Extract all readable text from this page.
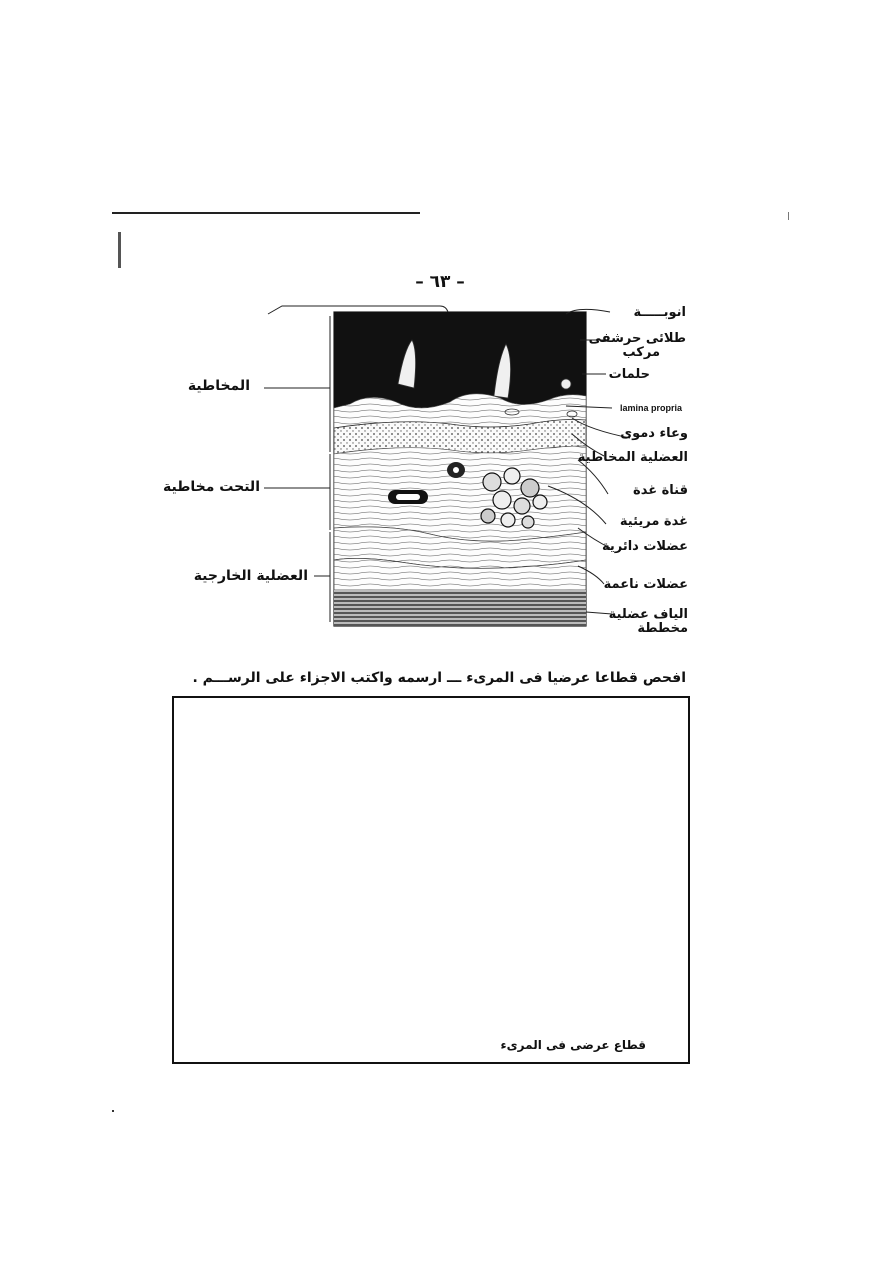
– ٦٣ –
انوبـــــة
طلائى حرشفى
مركب
حلمات
lamina propria
وعاء دموى
العضلية المخاطية
قناة غدة
غدة مريئية
عضلات دائرية
عضلات ناعمة
الياف عضلية
مخططة
المخاطية
التحت مخاطية
العضلية الخارجية
افحص قطاعا عرضيا فى المرىء ـــ ارسمه واكتب الاجزاء على الرســـم .
قطاع عرضى فى المرىء
